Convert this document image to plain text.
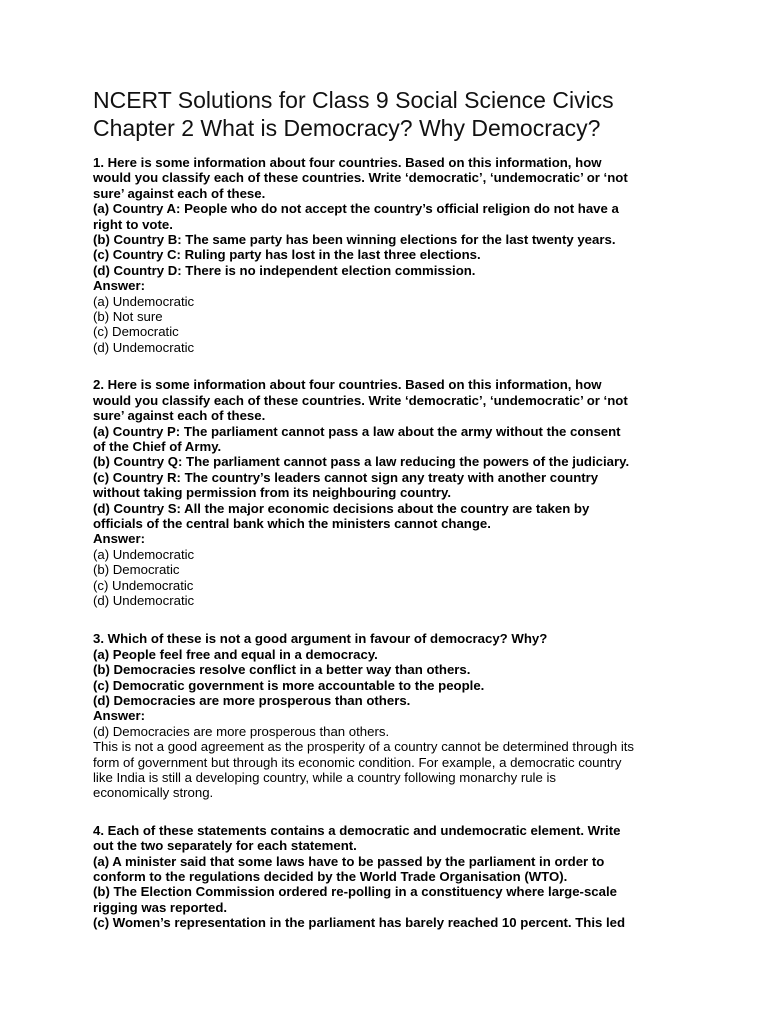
NCERT Solutions for Class 9 Social Science Civics
Chapter 2 What is Democracy? Why Democracy?
1. Here is some information about four countries. Based on this information, how
would you classify each of these countries. Write ‘democratic’, ‘undemocratic’ or ‘not
sure’ against each of these.
(a) Country A: People who do not accept the country’s official religion do not have a
right to vote.
(b) Country B: The same party has been winning elections for the last twenty years.
(c) Country C: Ruling party has lost in the last three elections.
(d) Country D: There is no independent election commission.
Answer:
(a) Undemocratic
(b) Not sure
(c) Democratic
(d) Undemocratic
2. Here is some information about four countries. Based on this information, how
would you classify each of these countries. Write ‘democratic’, ‘undemocratic’ or ‘not
sure’ against each of these.
(a) Country P: The parliament cannot pass a law about the army without the consent
of the Chief of Army.
(b) Country Q: The parliament cannot pass a law reducing the powers of the judiciary.
(c) Country R: The country’s leaders cannot sign any treaty with another country
without taking permission from its neighbouring country.
(d) Country S: All the major economic decisions about the country are taken by
officials of the central bank which the ministers cannot change.
Answer:
(a) Undemocratic
(b) Democratic
(c) Undemocratic
(d) Undemocratic
3. Which of these is not a good argument in favour of democracy? Why?
(a) People feel free and equal in a democracy.
(b) Democracies resolve conflict in a better way than others.
(c) Democratic government is more accountable to the people.
(d) Democracies are more prosperous than others.
Answer:
(d) Democracies are more prosperous than others.
This is not a good agreement as the prosperity of a country cannot be determined through its
form of government but through its economic condition. For example, a democratic country
like India is still a developing country, while a country following monarchy rule is
economically strong.
4. Each of these statements contains a democratic and undemocratic element. Write
out the two separately for each statement.
(a) A minister said that some laws have to be passed by the parliament in order to
conform to the regulations decided by the World Trade Organisation (WTO).
(b) The Election Commission ordered re-polling in a constituency where large-scale
rigging was reported.
(c) Women’s representation in the parliament has barely reached 10 percent. This led
